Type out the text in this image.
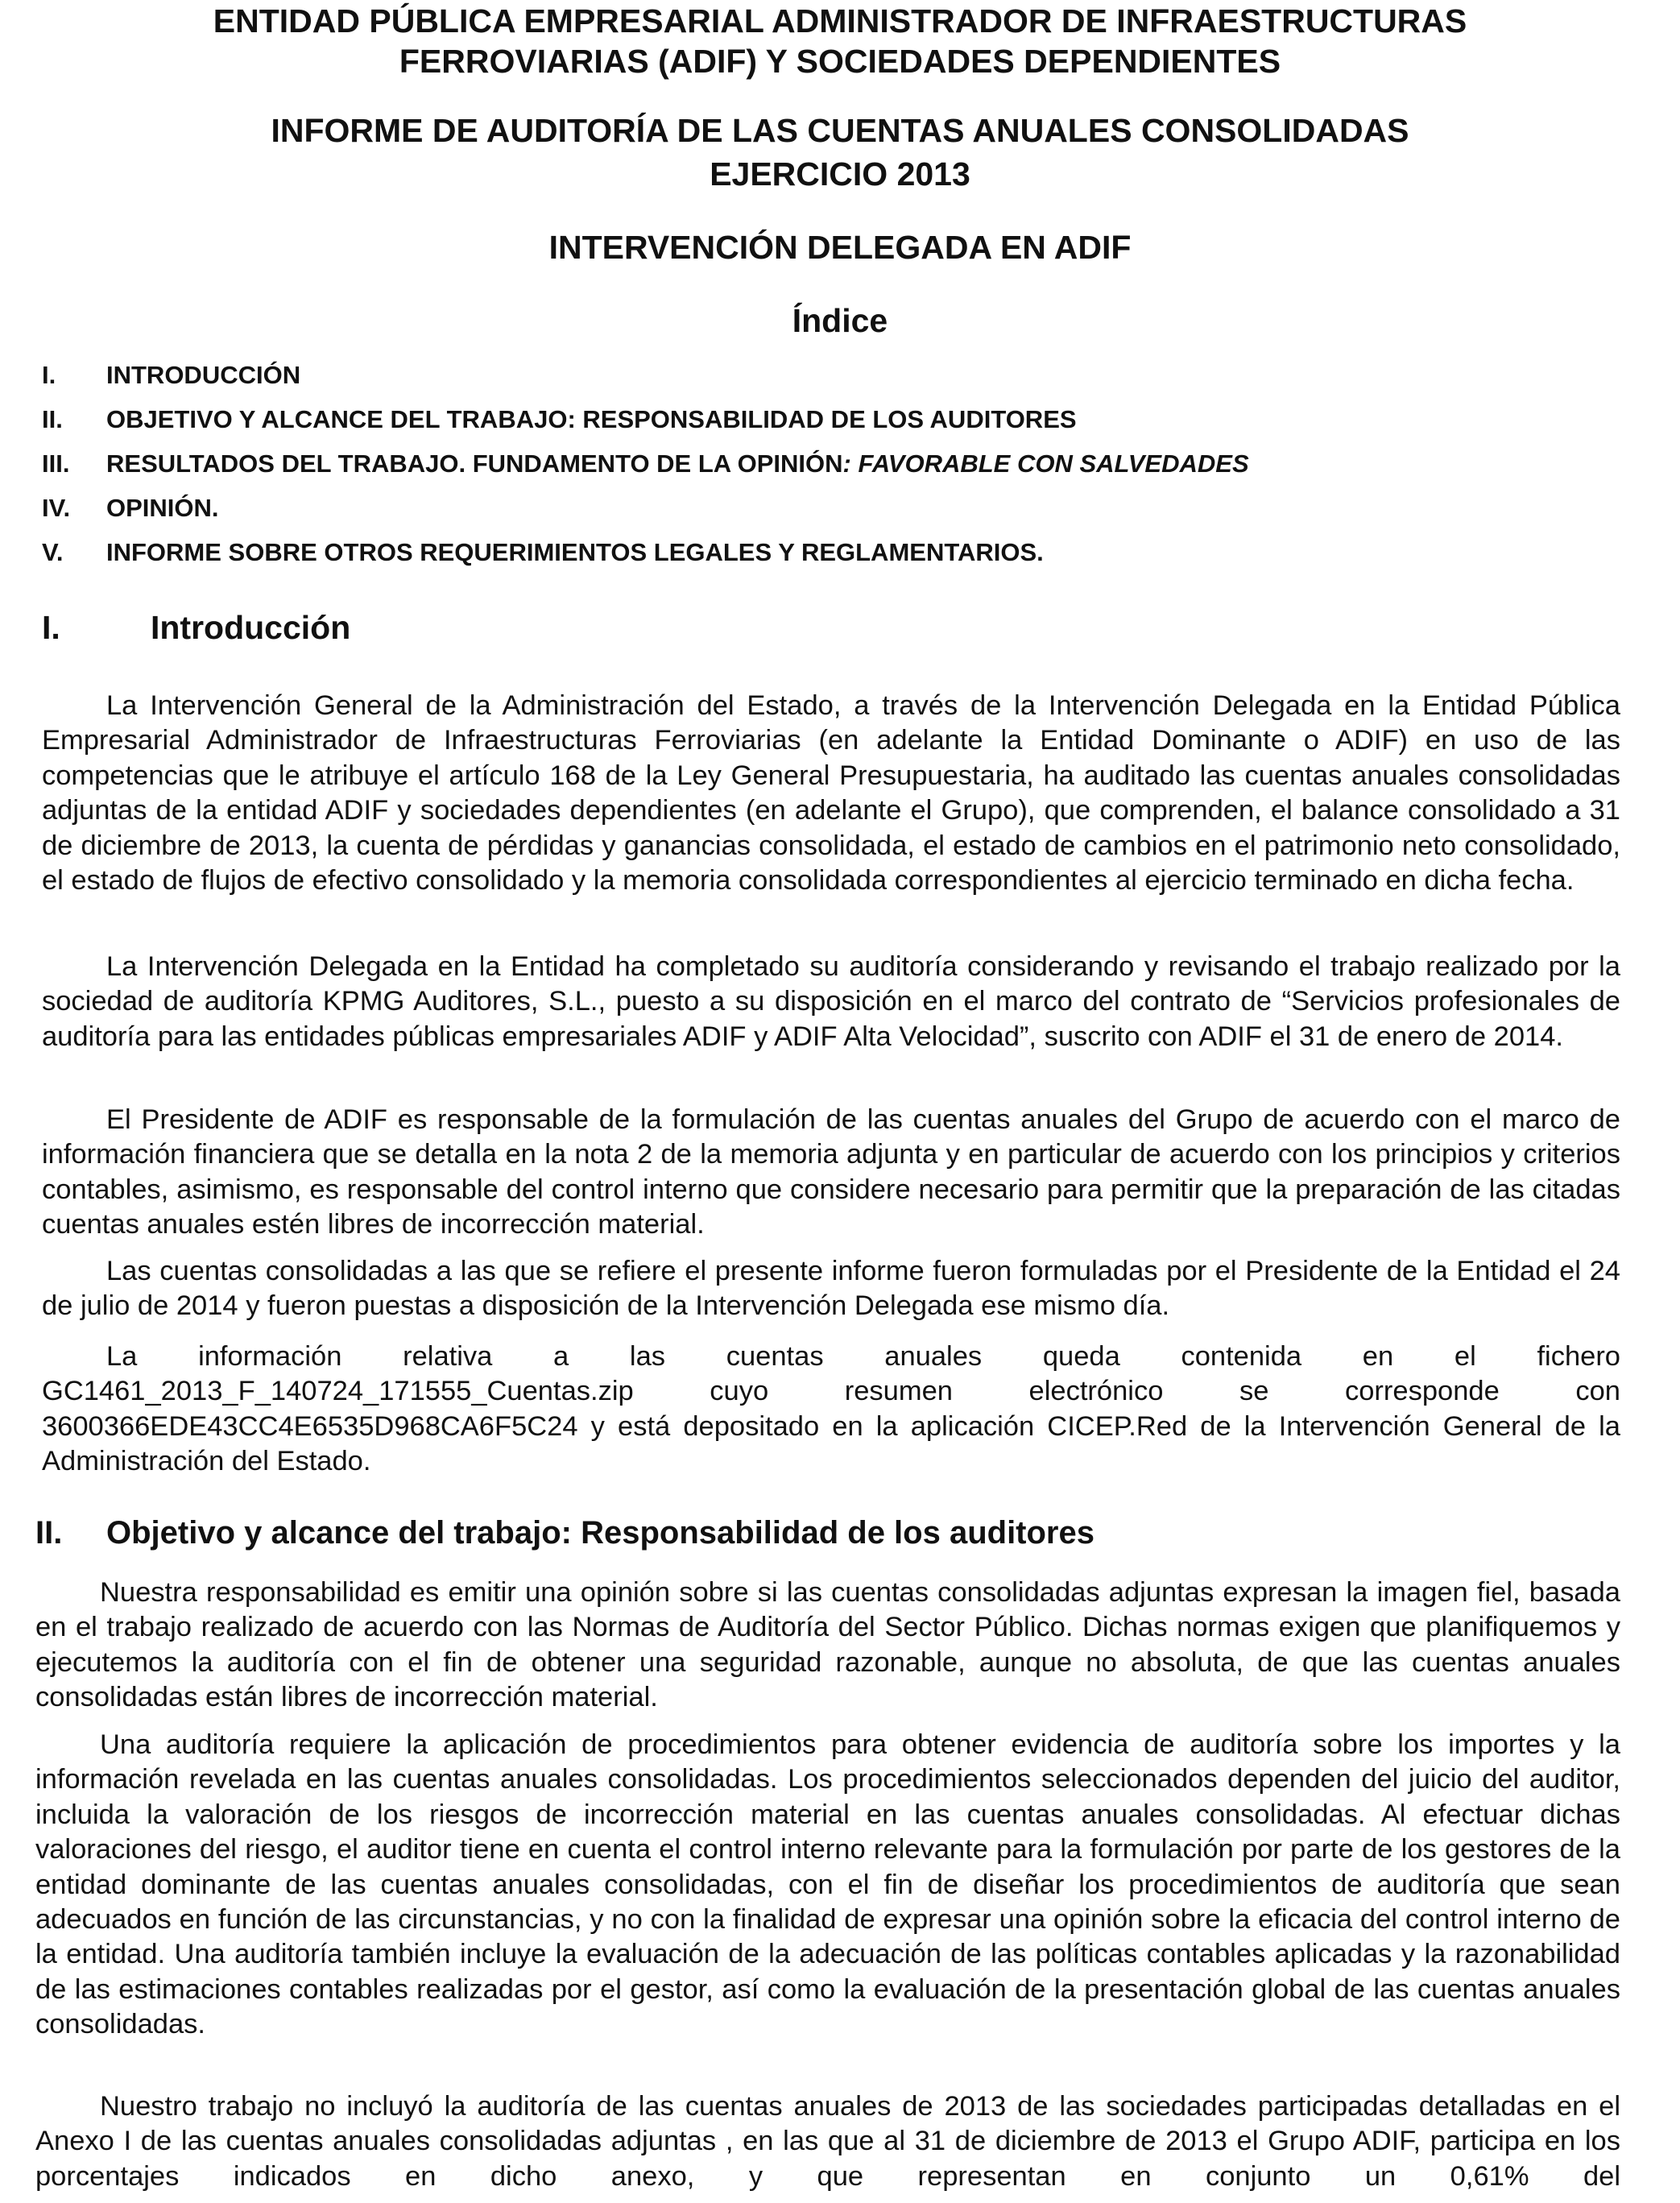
ENTIDAD PÚBLICA EMPRESARIAL ADMINISTRADOR DE INFRAESTRUCTURAS
FERROVIARIAS (ADIF) Y SOCIEDADES DEPENDIENTES
INFORME DE AUDITORÍA DE LAS CUENTAS ANUALES CONSOLIDADAS
EJERCICIO 2013
INTERVENCIÓN DELEGADA EN ADIF
Índice
I.	INTRODUCCIÓN
II.	OBJETIVO Y ALCANCE DEL TRABAJO: RESPONSABILIDAD DE LOS AUDITORES
III.	RESULTADOS DEL TRABAJO. FUNDAMENTO DE LA OPINIÓN: FAVORABLE CON SALVEDADES
IV.	OPINIÓN.
V.	INFORME SOBRE OTROS REQUERIMIENTOS LEGALES Y REGLAMENTARIOS.
I.	Introducción

La Intervención General de la Administración del Estado, a través de la Intervención Delegada en la Entidad Pública Empresarial Administrador de Infraestructuras Ferroviarias (en adelante la Entidad Dominante o ADIF) en uso de las competencias que le atribuye el artículo 168 de la Ley General Presupuestaria, ha auditado las cuentas anuales consolidadas adjuntas de la entidad ADIF y sociedades dependientes (en adelante el Grupo), que comprenden, el balance consolidado a 31 de diciembre de 2013, la cuenta de pérdidas y ganancias consolidada, el estado de cambios en el patrimonio neto consolidado, el estado de flujos de efectivo consolidado y la memoria consolidada correspondientes al ejercicio terminado en dicha fecha.

La Intervención Delegada en la Entidad ha completado su auditoría considerando y revisando el trabajo realizado por la sociedad de auditoría KPMG Auditores, S.L., puesto a su disposición en el marco del contrato de “Servicios profesionales de auditoría para las entidades públicas empresariales ADIF y ADIF Alta Velocidad”, suscrito con ADIF el 31 de enero de 2014.

El Presidente de ADIF es responsable de la formulación de las cuentas anuales del Grupo de acuerdo con el marco de información financiera que se detalla en la nota 2 de la memoria adjunta y en particular de acuerdo con los principios y criterios contables, asimismo, es responsable del control interno que considere necesario para permitir que la preparación de las citadas cuentas anuales estén libres de incorrección material.

Las cuentas consolidadas a las que se refiere el presente informe fueron formuladas por el Presidente de la Entidad el 24 de julio de 2014 y fueron puestas a disposición de la Intervención Delegada ese mismo día.

La información relativa a las cuentas anuales queda contenida en el fichero GC1461_2013_F_140724_171555_Cuentas.zip cuyo resumen electrónico se corresponde con 3600366EDE43CC4E6535D968CA6F5C24 y está depositado en la aplicación CICEP.Red de la Intervención General de la Administración del Estado.

II. Objetivo y alcance del trabajo: Responsabilidad de los auditores

Nuestra responsabilidad es emitir una opinión sobre si las cuentas consolidadas adjuntas expresan la imagen fiel, basada en el trabajo realizado de acuerdo con las Normas de Auditoría del Sector Público. Dichas normas exigen que planifiquemos y ejecutemos la auditoría con el fin de obtener una seguridad razonable, aunque no absoluta, de que las cuentas anuales consolidadas están libres de incorrección material.

Una auditoría requiere la aplicación de procedimientos para obtener evidencia de auditoría sobre los importes y la información revelada en las cuentas anuales consolidadas. Los procedimientos seleccionados dependen del juicio del auditor, incluida la valoración de los riesgos de incorrección material en las cuentas anuales consolidadas. Al efectuar dichas valoraciones del riesgo, el auditor tiene en cuenta el control interno relevante para la formulación por parte de los gestores de la entidad dominante de las cuentas anuales consolidadas, con el fin de diseñar los procedimientos de auditoría que sean adecuados en función de las circunstancias, y no con la finalidad de expresar una opinión sobre la eficacia del control interno de la entidad. Una auditoría también incluye la evaluación de la adecuación de las políticas contables aplicadas y la razonabilidad de las estimaciones contables realizadas por el gestor, así como la evaluación de la presentación global de las cuentas anuales consolidadas.

Nuestro trabajo no incluyó la auditoría de las cuentas anuales de 2013 de las sociedades participadas detalladas en el Anexo I de las cuentas anuales consolidadas adjuntas , en las que al 31 de diciembre de 2013 el Grupo ADIF, participa en los porcentajes indicados en dicho anexo, y que representan en conjunto un 0,61% del
